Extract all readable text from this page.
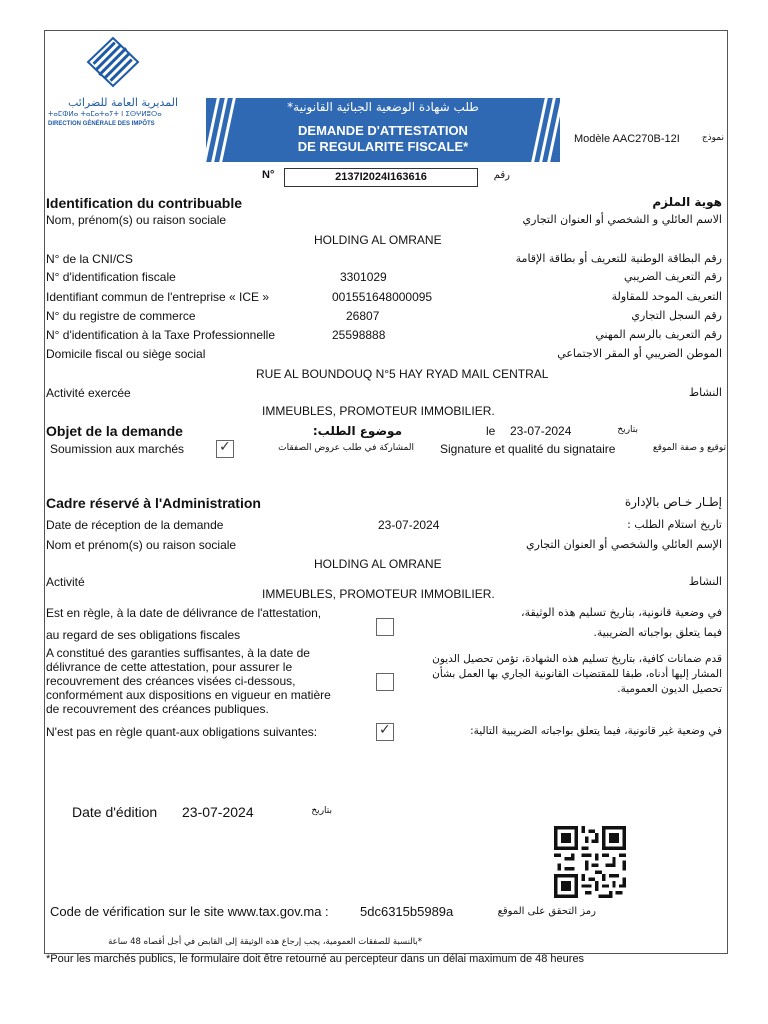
المديرية العامة للضرائب
ⵜⴰⵎⵀⵍⴰ ⵜⴰⵎⴰⵜⴰⵢⵜ ⵏ ⵉⵙⵖⵍⵓⵔⴰ
DIRECTION GÉNÉRALE DES IMPÔTS
طلب شهادة الوضعية الجبائية القانونية*
DEMANDE D'ATTESTATION
DE REGULARITE FISCALE*	Modèle AAC270B-12I	نموذج
N°	2137I2024I163616	رقم
Identification du contribuable	هوية الملزم
Nom, prénom(s) ou raison sociale	الاسم العائلي و الشخصي أو العنوان التجاري
HOLDING AL OMRANE
N° de la CNI/CS	رقم البطاقة الوطنية للتعريف أو بطاقة الإقامة
N° d'identification fiscale	3301029	رقم التعريف الضريبي
Identifiant commun de l'entreprise « ICE »	001551648000095	التعريف الموحد للمقاولة
N° du registre de commerce	26807	رقم السجل التجاري
N° d'identification à la Taxe Professionnelle	25598888	رقم التعريف بالرسم المهني
Domicile fiscal ou siège social	الموطن الضريبي أو المقر الاجتماعي
RUE AL BOUNDOUQ N°5 HAY RYAD MAIL CENTRAL
Activité exercée	النشاط
IMMEUBLES, PROMOTEUR IMMOBILIER.
Objet de la demande	موضوع الطلب:	le 23-07-2024	بتاريخ
Soumission aux marchés ✓	المشاركة في طلب عروض الصفقات Signature et qualité du signataire	توقيع و صفة الموقع
Cadre réservé à l'Administration	إطـار خـاص بالإدارة
Date de réception de la demande	23-07-2024	تاريخ استلام الطلب :
Nom et prénom(s) ou raison sociale	الإسم العائلي والشخصي أو العنوان التجاري
HOLDING AL OMRANE
Activité	النشاط
IMMEUBLES, PROMOTEUR IMMOBILIER.
Est en règle, à la date de délivrance de l'attestation,
au regard de ses obligations fiscales
في وضعية قانونية، بتاريخ تسليم هذه الوثيقة،
فيما يتعلق بواجباته الضريبية.
A constitué des garanties suffisantes, à la date de
délivrance de cette attestation, pour assurer le
recouvrement des créances visées ci-dessous,
conformément aux dispositions en vigueur en matière
de recouvrement des créances publiques.
قدم ضمانات كافية، بتاريخ تسليم هذه الشهادة، تؤمن تحصيل الديون
المشار إليها أدناه، طبقا للمقتضيات القانونية الجاري بها العمل بشأن
تحصيل الديون العمومية.
N'est pas en règle quant-aux obligations suivantes: ✓	في وضعية غير قانونية، فيما يتعلق بواجباته الضريبية التالية:
Date d'édition 23-07-2024	بتاريخ
Code de vérification sur le site www.tax.gov.ma : 5dc6315b5989a	رمز التحقق على الموقع
*بالنسبة للصفقات العمومية، يجب إرجاع هذه الوثيقة إلى القابض في أجل أقصاه 48 ساعة
*Pour les marchés publics, le formulaire doit être retourné au percepteur dans un délai maximum de 48 heures
